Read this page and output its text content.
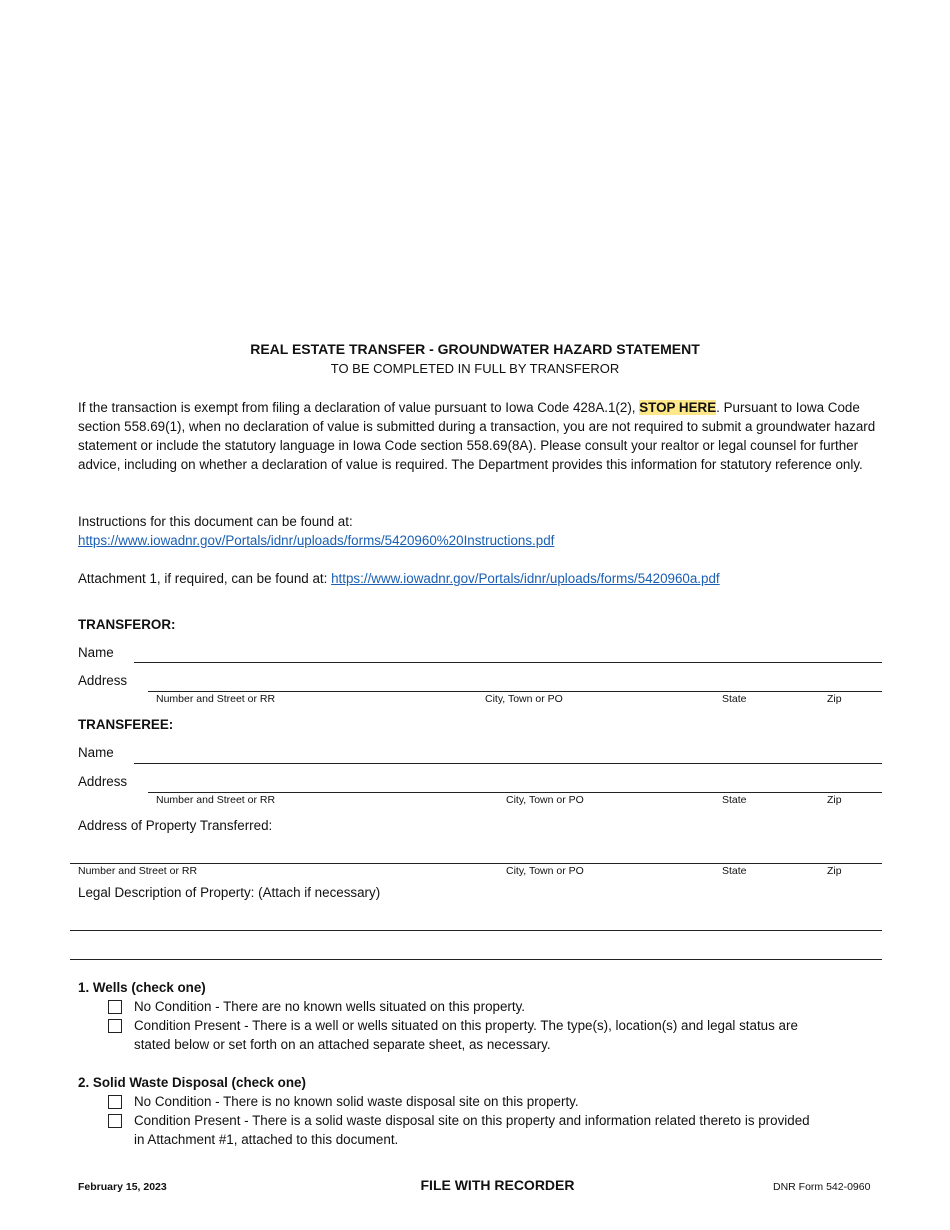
REAL ESTATE TRANSFER - GROUNDWATER HAZARD STATEMENT
TO BE COMPLETED IN FULL BY TRANSFEROR
If the transaction is exempt from filing a declaration of value pursuant to Iowa Code 428A.1(2), STOP HERE. Pursuant to Iowa Code section 558.69(1), when no declaration of value is submitted during a transaction, you are not required to submit a groundwater hazard statement or include the statutory language in Iowa Code section 558.69(8A). Please consult your realtor or legal counsel for further advice, including on whether a declaration of value is required. The Department provides this information for statutory reference only.
Instructions for this document can be found at:
https://www.iowadnr.gov/Portals/idnr/uploads/forms/5420960%20Instructions.pdf
Attachment 1, if required, can be found at: https://www.iowadnr.gov/Portals/idnr/uploads/forms/5420960a.pdf
TRANSFEROR:
Name
Address
Number and Street or RR	City, Town or PO	State	Zip
TRANSFEREE:
Name
Address
Number and Street or RR	City, Town or PO	State	Zip
Address of Property Transferred:
Number and Street or RR	City, Town or PO	State	Zip
Legal Description of Property: (Attach if necessary)
1. Wells (check one)
No Condition - There are no known wells situated on this property.
Condition Present - There is a well or wells situated on this property. The type(s), location(s) and legal status are
stated below or set forth on an attached separate sheet, as necessary.
2. Solid Waste Disposal (check one)
No Condition - There is no known solid waste disposal site on this property.
Condition Present - There is a solid waste disposal site on this property and information related thereto is provided
in Attachment #1, attached to this document.
February 15, 2023	FILE WITH RECORDER	DNR Form 542-0960
